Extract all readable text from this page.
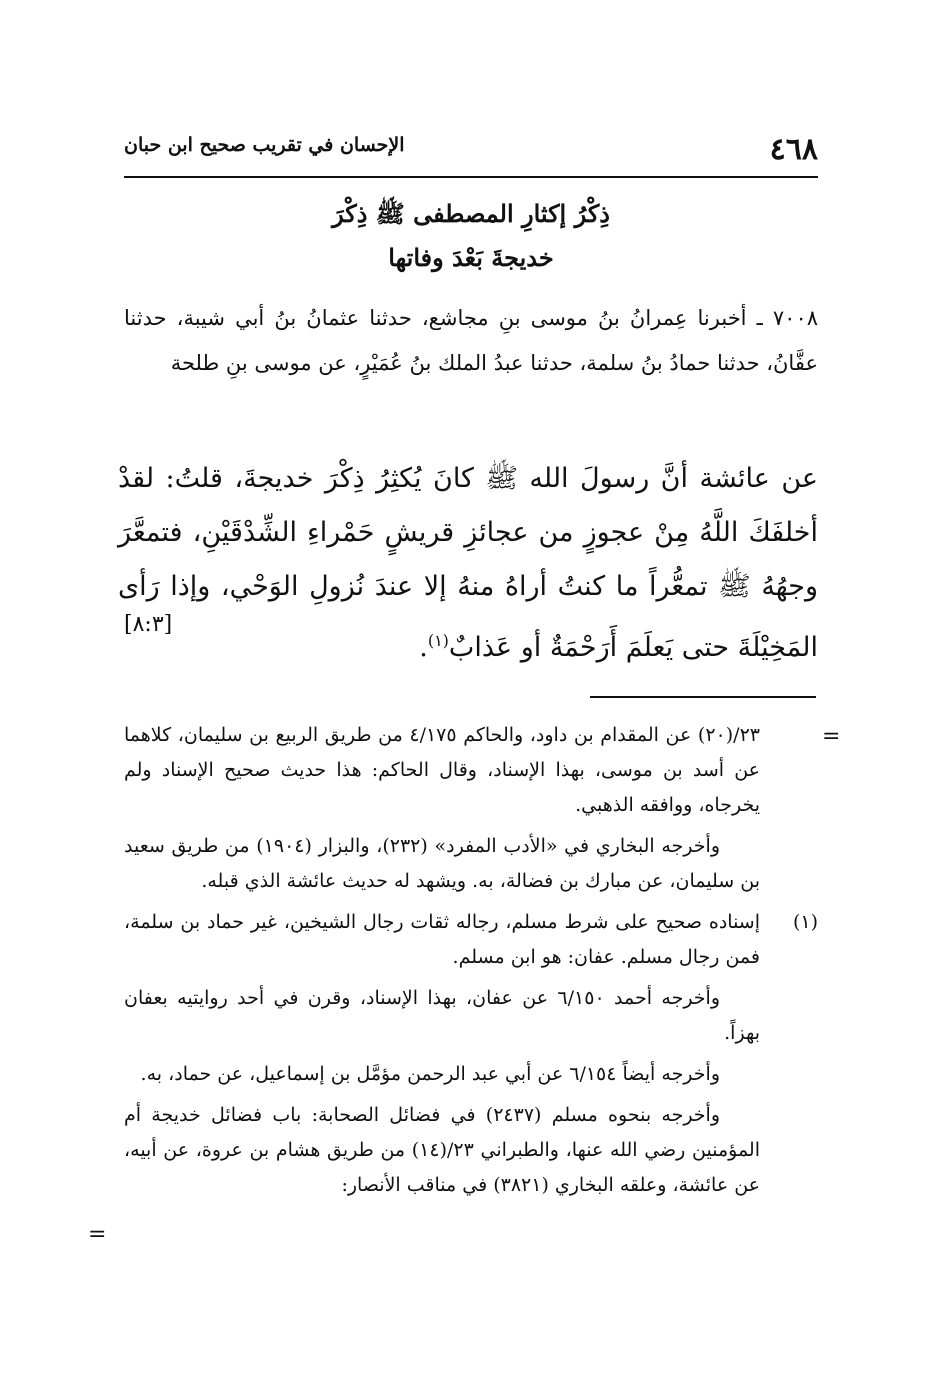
٤٦٨
الإحسان في تقريب صحيح ابن حبان
ذِكْرُ إكثارِ المصطفى ﷺ ذِكْرَ
خديجةَ بَعْدَ وفاتها
٧٠٠٨ ـ أخبرنا عِمرانُ بنُ موسى بنِ مجاشع، حدثنا عثمانُ بنُ أبي شيبة، حدثنا عفَّانُ، حدثنا حمادُ بنُ سلمة، حدثنا عبدُ الملك بنُ عُمَيْرٍ، عن موسى بنِ طلحة
عن عائشة أنَّ رسولَ الله ﷺ كانَ يُكثِرُ ذِكْرَ خديجةَ، قلتُ: لقدْ أخلفَكَ اللَّهُ مِنْ عجوزٍ من عجائزِ قريشٍ حَمْراءِ الشِّدْقَيْنِ، فتمعَّرَ وجهُهُ ﷺ تمعُّراً ما كنتُ أراهُ منهُ إلا عندَ نُزولِ الوَحْي، وإذا رَأى المَخِيْلَةَ حتى يَعلَمَ أَرَحْمَةٌ أو عَذابٌ$^{(١)}$.
[٨:٣]
=

٢٣/(٢٠) عن المقدام بن داود، والحاكم ٤/١٧٥ من طريق الربيع بن سليمان، كلاهما عن أسد بن موسى، بهذا الإسناد، وقال الحاكم: هذا حديث صحيح الإسناد ولم يخرجاه، ووافقه الذهبي.

وأخرجه البخاري في «الأدب المفرد» (٢٣٢)، والبزار (١٩٠٤) من طريق سعيد بن سليمان، عن مبارك بن فضالة، به. ويشهد له حديث عائشة الذي قبله.

(١)
إسناده صحيح على شرط مسلم، رجاله ثقات رجال الشيخين، غير حماد بن سلمة، فمن رجال مسلم. عفان: هو ابن مسلم.

وأخرجه أحمد ٦/١٥٠ عن عفان، بهذا الإسناد، وقرن في أحد روايتيه بعفان بهزاً.

وأخرجه أيضاً ٦/١٥٤ عن أبي عبد الرحمن مؤمَّل بن إسماعيل، عن حماد، به.

وأخرجه بنحوه مسلم (٢٤٣٧) في فضائل الصحابة: باب فضائل خديجة أم المؤمنين رضي الله عنها، والطبراني ٢٣/(١٤) من طريق هشام بن عروة، عن أبيه، عن عائشة، وعلقه البخاري (٣٨٢١) في مناقب الأنصار:

=
